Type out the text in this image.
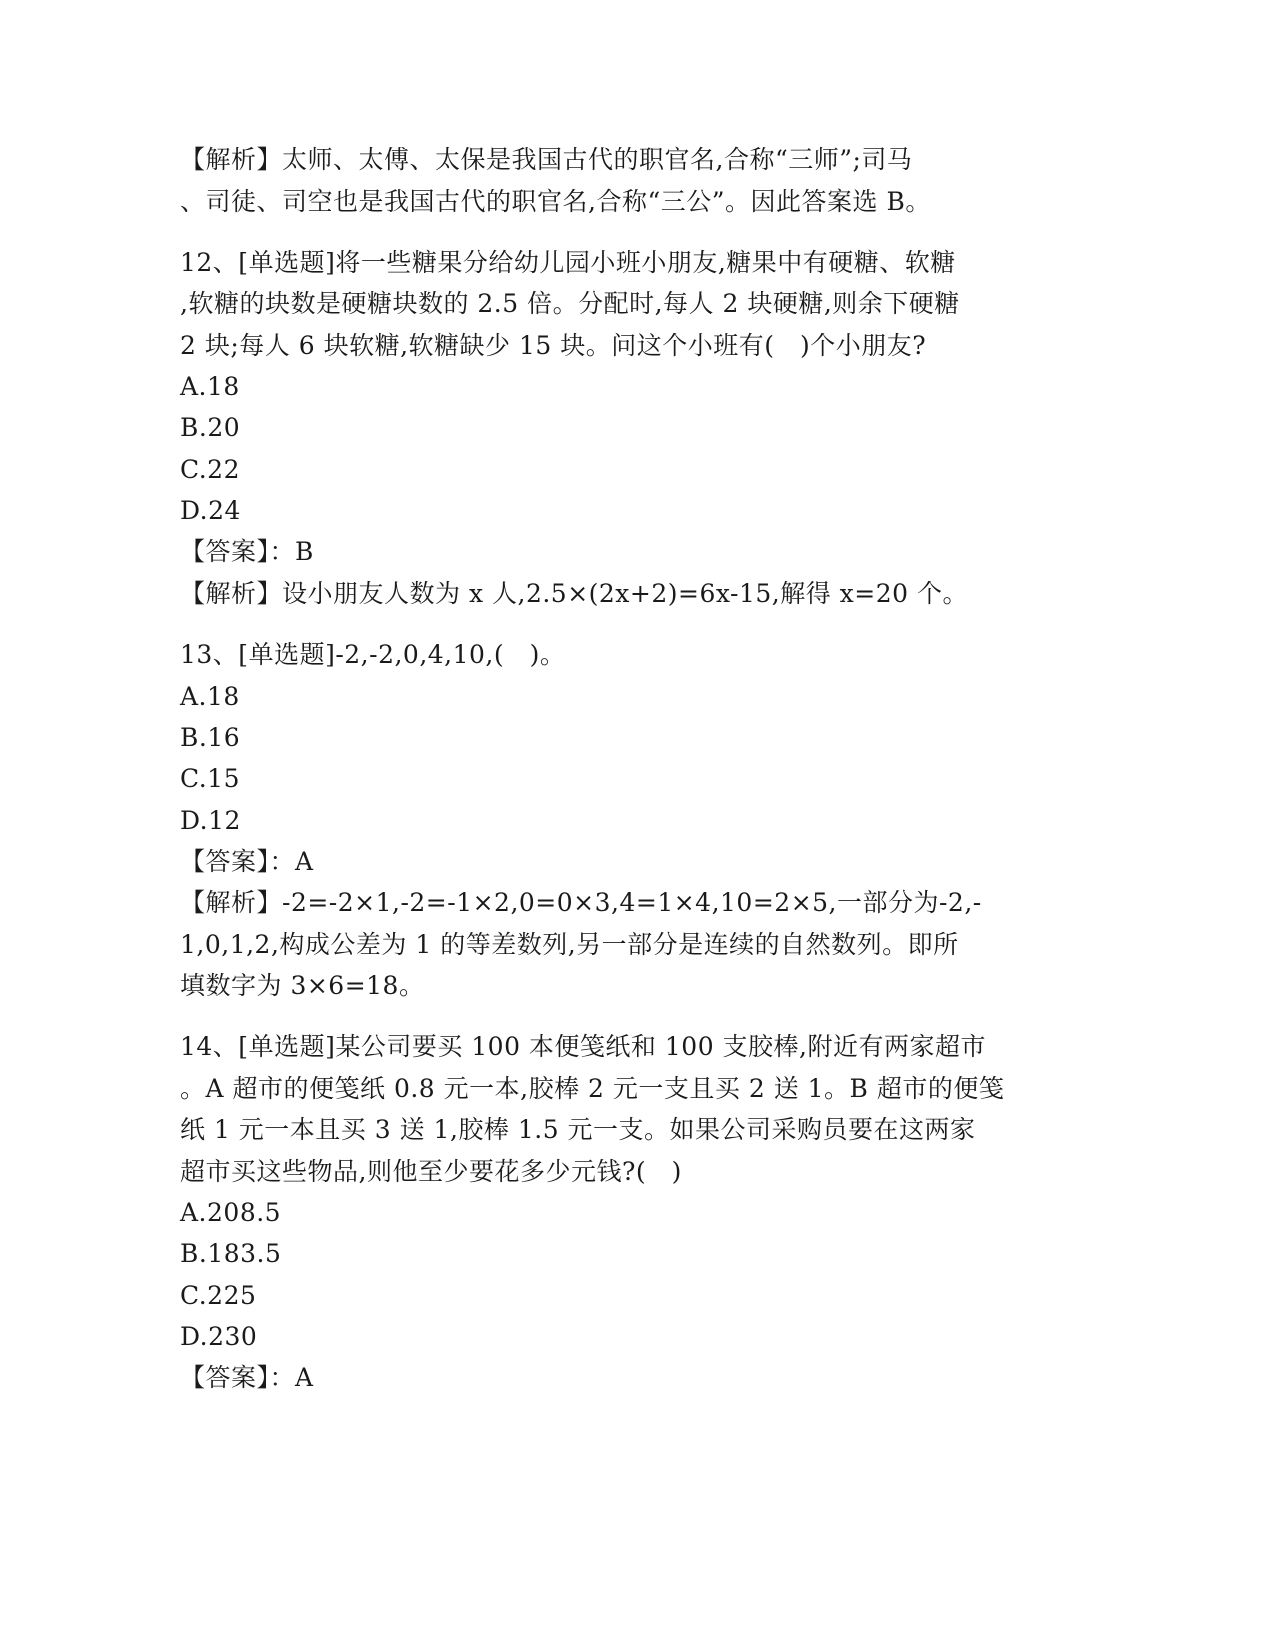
【解析】太师、太傅、太保是我国古代的职官名,合称“三师”;司马
、司徒、司空也是我国古代的职官名,合称“三公”。因此答案选 B。
12、[单选题]将一些糖果分给幼儿园小班小朋友,糖果中有硬糖、软糖
,软糖的块数是硬糖块数的 2.5 倍。分配时,每人 2 块硬糖,则余下硬糖
2 块;每人 6 块软糖,软糖缺少 15 块。问这个小班有(　)个小朋友?
A.18
B.20
C.22
D.24
【答案】：B
【解析】设小朋友人数为 x 人,2.5×(2x+2)=6x-15,解得 x=20 个。
13、[单选题]-2,-2,0,4,10,(　)。
A.18
B.16
C.15
D.12
【答案】：A
【解析】-2=-2×1,-2=-1×2,0=0×3,4=1×4,10=2×5,一部分为-2,-
1,0,1,2,构成公差为 1 的等差数列,另一部分是连续的自然数列。即所
填数字为 3×6=18。
14、[单选题]某公司要买 100 本便笺纸和 100 支胶棒,附近有两家超市
。A 超市的便笺纸 0.8 元一本,胶棒 2 元一支且买 2 送 1。B 超市的便笺
纸 1 元一本且买 3 送 1,胶棒 1.5 元一支。如果公司采购员要在这两家
超市买这些物品,则他至少要花多少元钱?(　)
A.208.5
B.183.5
C.225
D.230
【答案】：A
